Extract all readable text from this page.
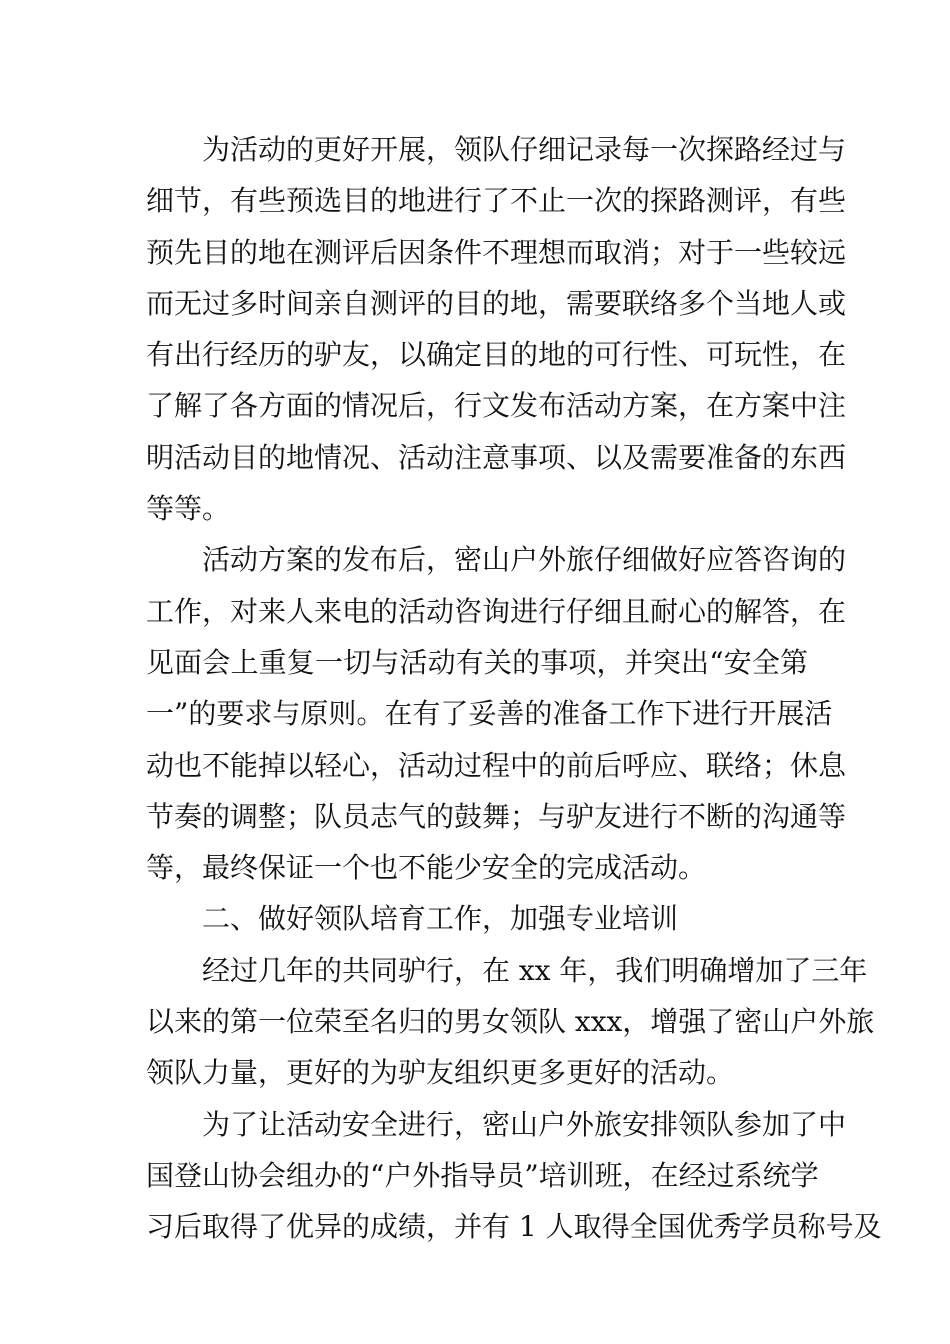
为活动的更好开展，领队仔细记录每一次探路经过与
细节，有些预选目的地进行了不止一次的探路测评，有些
预先目的地在测评后因条件不理想而取消；对于一些较远
而无过多时间亲自测评的目的地，需要联络多个当地人或
有出行经历的驴友，以确定目的地的可行性、可玩性，在
了解了各方面的情况后，行文发布活动方案，在方案中注
明活动目的地情况、活动注意事项、以及需要准备的东西
等等。
活动方案的发布后，密山户外旅仔细做好应答咨询的
工作，对来人来电的活动咨询进行仔细且耐心的解答，在
见面会上重复一切与活动有关的事项，并突出“安全第
一”的要求与原则。在有了妥善的准备工作下进行开展活
动也不能掉以轻心，活动过程中的前后呼应、联络；休息
节奏的调整；队员志气的鼓舞；与驴友进行不断的沟通等
等，最终保证一个也不能少安全的完成活动。
二、做好领队培育工作，加强专业培训
经过几年的共同驴行，在 xx 年，我们明确增加了三年
以来的第一位荣至名归的男女领队 xxx，增强了密山户外旅
领队力量，更好的为驴友组织更多更好的活动。
为了让活动安全进行，密山户外旅安排领队参加了中
国登山协会组办的“户外指导员”培训班，在经过系统学
习后取得了优异的成绩，并有 1 人取得全国优秀学员称号及
